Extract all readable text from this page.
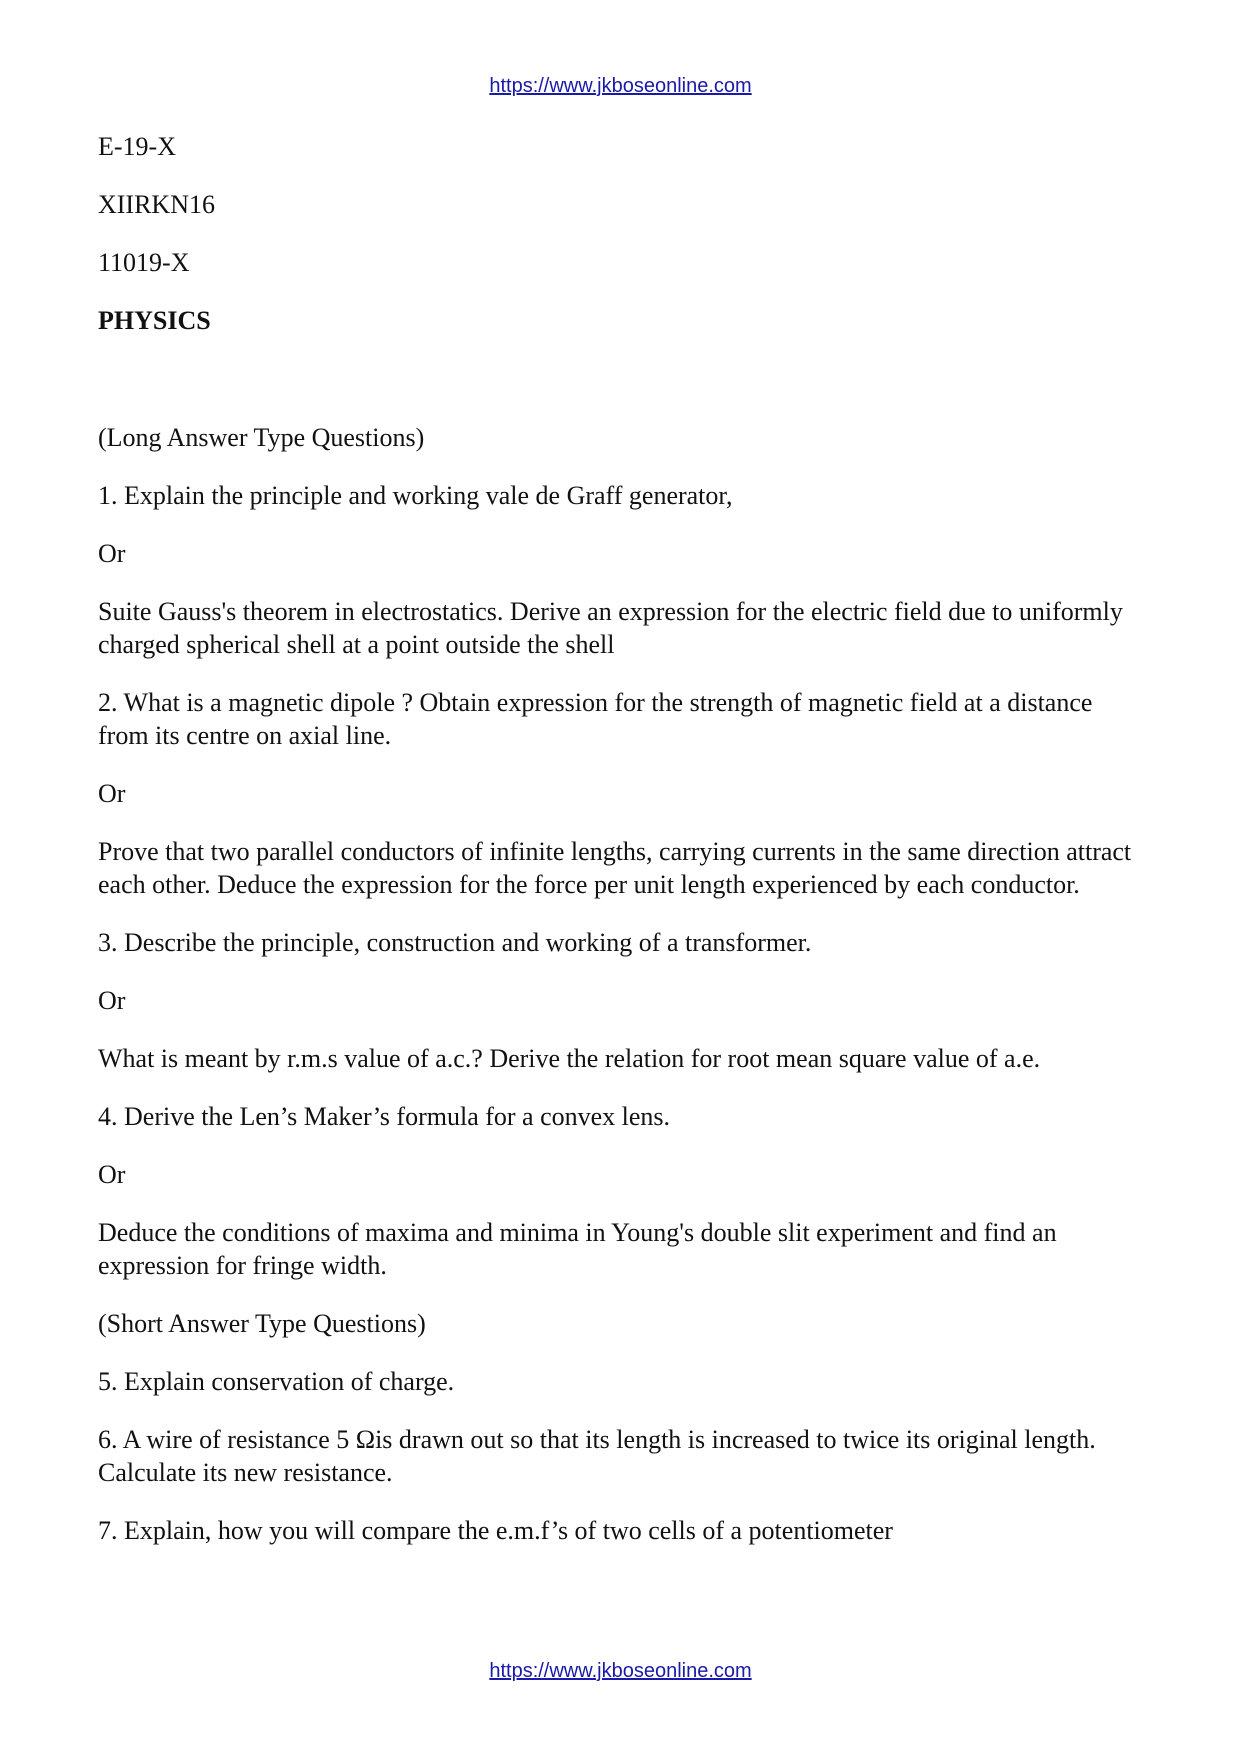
https://www.jkboseonline.com

E-19-X

XIIRKN16

11019-X

PHYSICS

(Long Answer Type Questions)

1. Explain the principle and working vale de Graff generator,

Or

Suite Gauss's theorem in electrostatics. Derive an expression for the electric field due to uniformly charged spherical shell at a point outside the shell

2. What is a magnetic dipole ? Obtain expression for the strength of magnetic field at a distance from its centre on axial line.

Or

Prove that two parallel conductors of infinite lengths, carrying currents in the same direction attract each other. Deduce the expression for the force per unit length experienced by each conductor.

3. Describe the principle, construction and working of a transformer.

Or

What is meant by r.m.s value of a.c.? Derive the relation for root mean square value of a.e.

4. Derive the Len’s Maker’s formula for a convex lens.

Or

Deduce the conditions of maxima and minima in Young's double slit experiment and find an expression for fringe width.

(Short Answer Type Questions)

5. Explain conservation of charge.

6. A wire of resistance 5 Ωis drawn out so that its length is increased to twice its original length. Calculate its new resistance.

7. Explain, how you will compare the e.m.f’s of two cells of a potentiometer

https://www.jkboseonline.com
